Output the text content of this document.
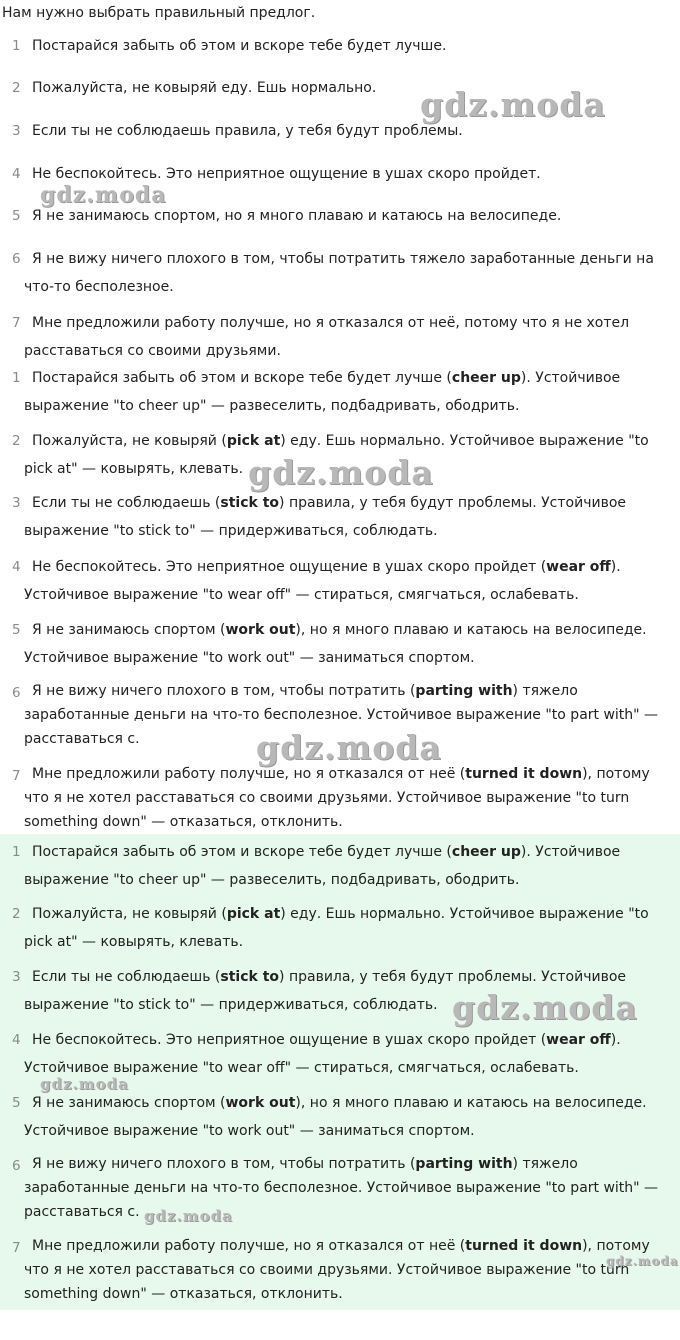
Нам нужно выбрать правильный предлог.
1 Постарайся забыть об этом и вскоре тебе будет лучше.
2 Пожалуйста, не ковыряй еду. Ешь нормально.
3 Если ты не соблюдаешь правила, у тебя будут проблемы.
4 Не беспокойтесь. Это неприятное ощущение в ушах скоро пройдет.
5 Я не занимаюсь спортом, но я много плаваю и катаюсь на велосипеде.
6 Я не вижу ничего плохого в том, чтобы потратить тяжело заработанные деньги на что-то бесполезное.
7 Мне предложили работу получше, но я отказался от неё, потому что я не хотел расставаться со своими друзьями.
1 Постарайся забыть об этом и вскоре тебе будет лучше (cheer up). Устойчивое выражение "to cheer up" — развеселить, подбадривать, ободрить.
2 Пожалуйста, не ковыряй (pick at) еду. Ешь нормально. Устойчивое выражение "to pick at" — ковырять, клевать.
3 Если ты не соблюдаешь (stick to) правила, у тебя будут проблемы. Устойчивое выражение "to stick to" — придерживаться, соблюдать.
4 Не беспокойтесь. Это неприятное ощущение в ушах скоро пройдет (wear off). Устойчивое выражение "to wear off" — стираться, смягчаться, ослабевать.
5 Я не занимаюсь спортом (work out), но я много плаваю и катаюсь на велосипеде. Устойчивое выражение "to work out" — заниматься спортом.
6 Я не вижу ничего плохого в том, чтобы потратить (parting with) тяжело заработанные деньги на что-то бесполезное. Устойчивое выражение "to part with" — расставаться с.
7 Мне предложили работу получше, но я отказался от неё (turned it down), потому что я не хотел расставаться со своими друзьями. Устойчивое выражение "to turn something down" — отказаться, отклонить.
1 Постарайся забыть об этом и вскоре тебе будет лучше (cheer up). Устойчивое выражение "to cheer up" — развеселить, подбадривать, ободрить.
2 Пожалуйста, не ковыряй (pick at) еду. Ешь нормально. Устойчивое выражение "to pick at" — ковырять, клевать.
3 Если ты не соблюдаешь (stick to) правила, у тебя будут проблемы. Устойчивое выражение "to stick to" — придерживаться, соблюдать.
4 Не беспокойтесь. Это неприятное ощущение в ушах скоро пройдет (wear off). Устойчивое выражение "to wear off" — стираться, смягчаться, ослабевать.
5 Я не занимаюсь спортом (work out), но я много плаваю и катаюсь на велосипеде. Устойчивое выражение "to work out" — заниматься спортом.
6 Я не вижу ничего плохого в том, чтобы потратить (parting with) тяжело заработанные деньги на что-то бесполезное. Устойчивое выражение "to part with" — расставаться с.
7 Мне предложили работу получше, но я отказался от неё (turned it down), потому что я не хотел расставаться со своими друзьями. Устойчивое выражение "to turn something down" — отказаться, отклонить.
gdz.moda
gdz.moda
gdz.moda
gdz.moda
gdz.moda
gdz.moda
gdz.moda
gdz.moda
